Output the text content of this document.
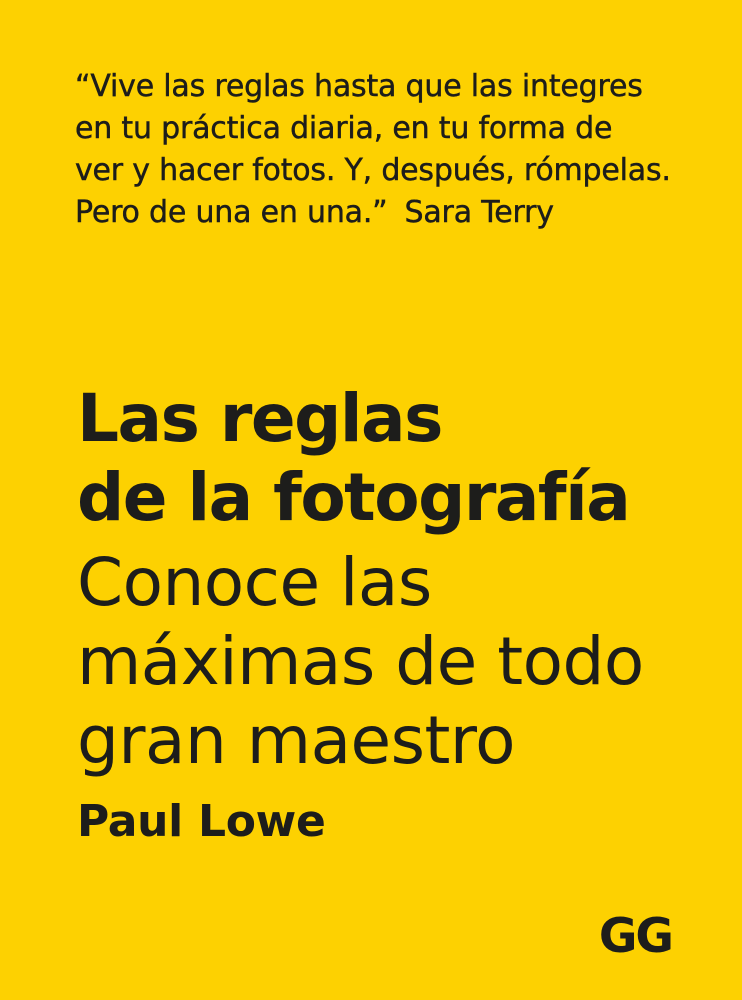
“Vive las reglas hasta que las integres
en tu práctica diaria, en tu forma de
ver y hacer fotos. Y, después, rómpelas.
Pero de una en una.” Sara Terry
Las reglas
de la fotografía
Conoce las
máximas de todo
gran maestro
Paul Lowe
GG
